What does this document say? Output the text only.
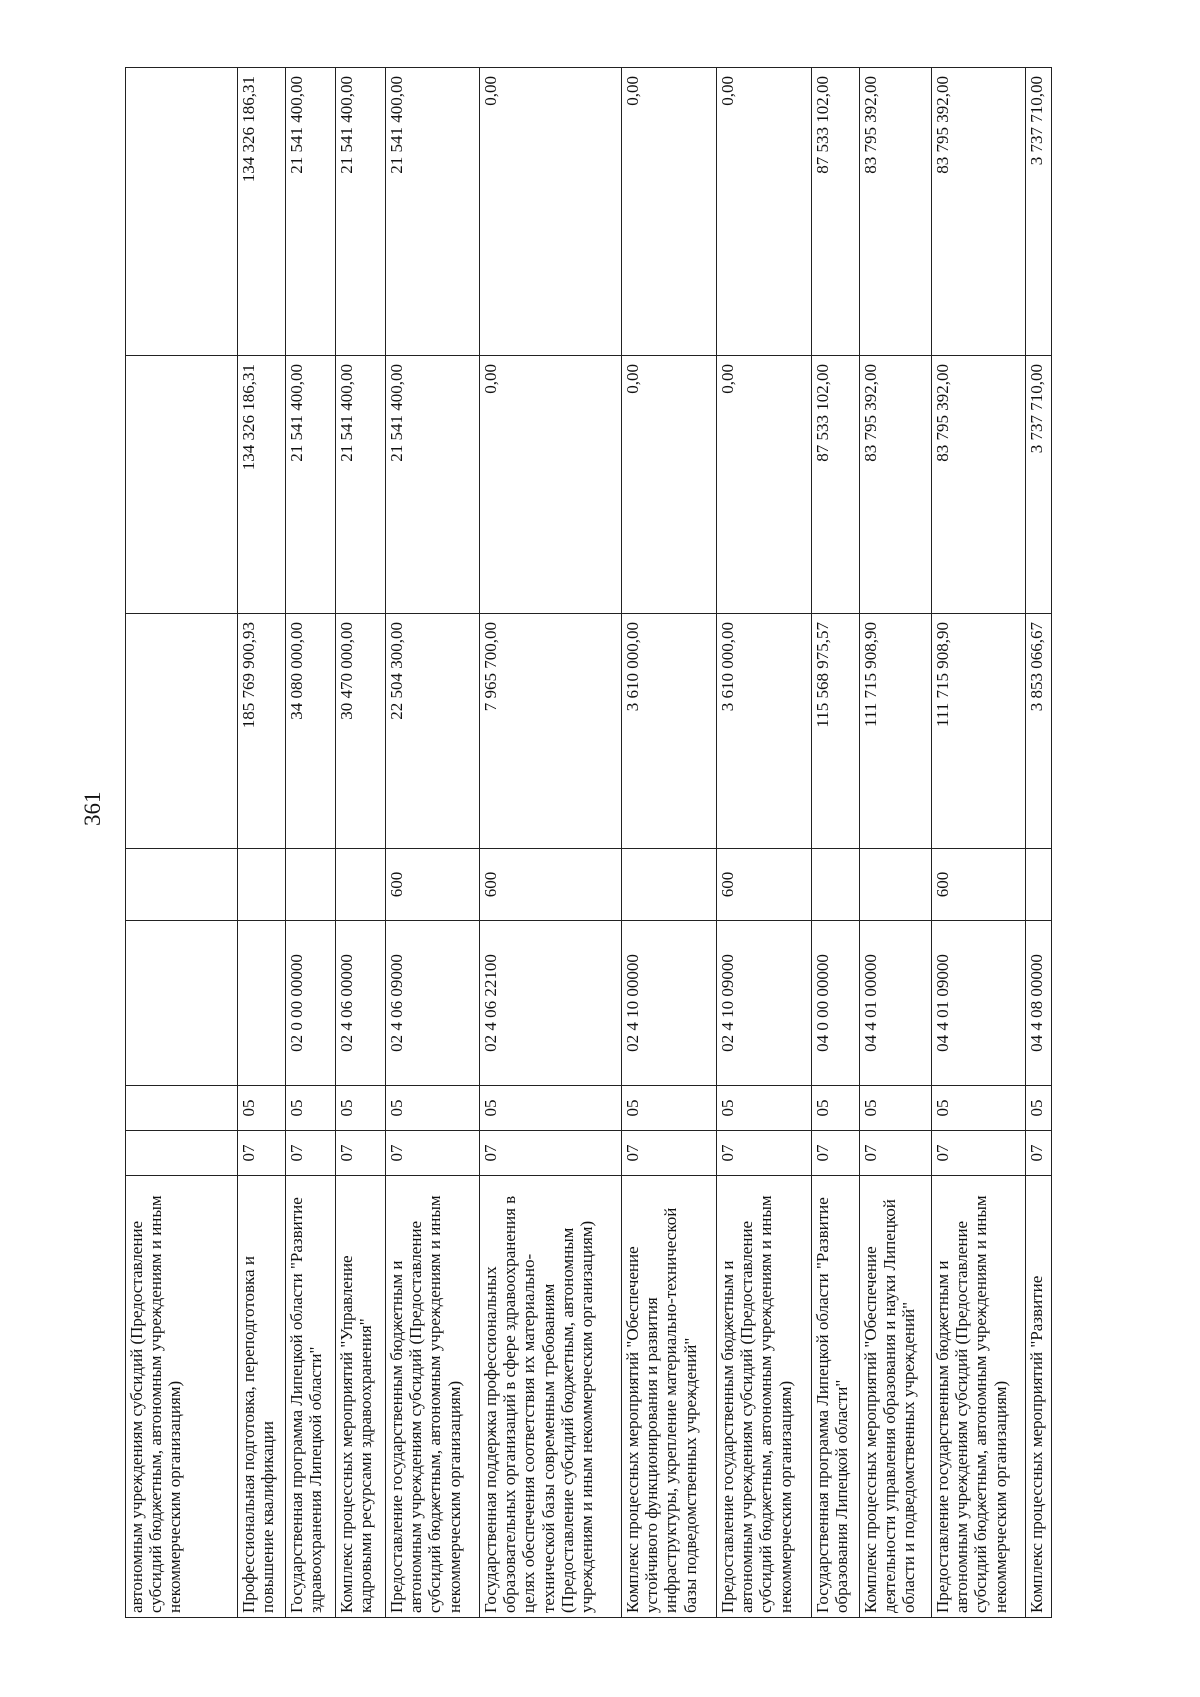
361
автономным учреждениям субсидий (Предоставление субсидий бюджетным, автономным учреждениям и иным некоммерческим организациям)							
Профессиональная подготовка, переподготовка и повышение квалификации	07	05			185 769 900,93	134 326 186,31	134 326 186,31
Государственная программа Липецкой области "Развитие здравоохранения Липецкой области"	07	05	02 0 00 00000		34 080 000,00	21 541 400,00	21 541 400,00
Комплекс процессных мероприятий "Управление кадровыми ресурсами здравоохранения"	07	05	02 4 06 00000		30 470 000,00	21 541 400,00	21 541 400,00
Предоставление государственным бюджетным и автономным учреждениям субсидий (Предоставление субсидий бюджетным, автономным учреждениям и иным некоммерческим организациям)	07	05	02 4 06 09000	600	22 504 300,00	21 541 400,00	21 541 400,00
Государственная поддержка профессиональных образовательных организаций в сфере здравоохранения в целях обеспечения соответствия их материально-технической базы современным требованиям (Предоставление субсидий бюджетным, автономным учреждениям и иным некоммерческим организациям)	07	05	02 4 06 22100	600	7 965 700,00	0,00	0,00
Комплекс процессных мероприятий "Обеспечение устойчивого функционирования и развития инфраструктуры, укрепление материально-технической базы подведомственных учреждений"	07	05	02 4 10 00000		3 610 000,00	0,00	0,00
Предоставление государственным бюджетным и автономным учреждениям субсидий (Предоставление субсидий бюджетным, автономным учреждениям и иным некоммерческим организациям)	07	05	02 4 10 09000	600	3 610 000,00	0,00	0,00
Государственная программа Липецкой области "Развитие образования Липецкой области"	07	05	04 0 00 00000		115 568 975,57	87 533 102,00	87 533 102,00
Комплекс процессных мероприятий "Обеспечение деятельности управления образования и науки Липецкой области и подведомственных учреждений"	07	05	04 4 01 00000		111 715 908,90	83 795 392,00	83 795 392,00
Предоставление государственным бюджетным и автономным учреждениям субсидий (Предоставление субсидий бюджетным, автономным учреждениям и иным некоммерческим организациям)	07	05	04 4 01 09000	600	111 715 908,90	83 795 392,00	83 795 392,00
Комплекс процессных мероприятий "Развитие	07	05	04 4 08 00000		3 853 066,67	3 737 710,00	3 737 710,00
